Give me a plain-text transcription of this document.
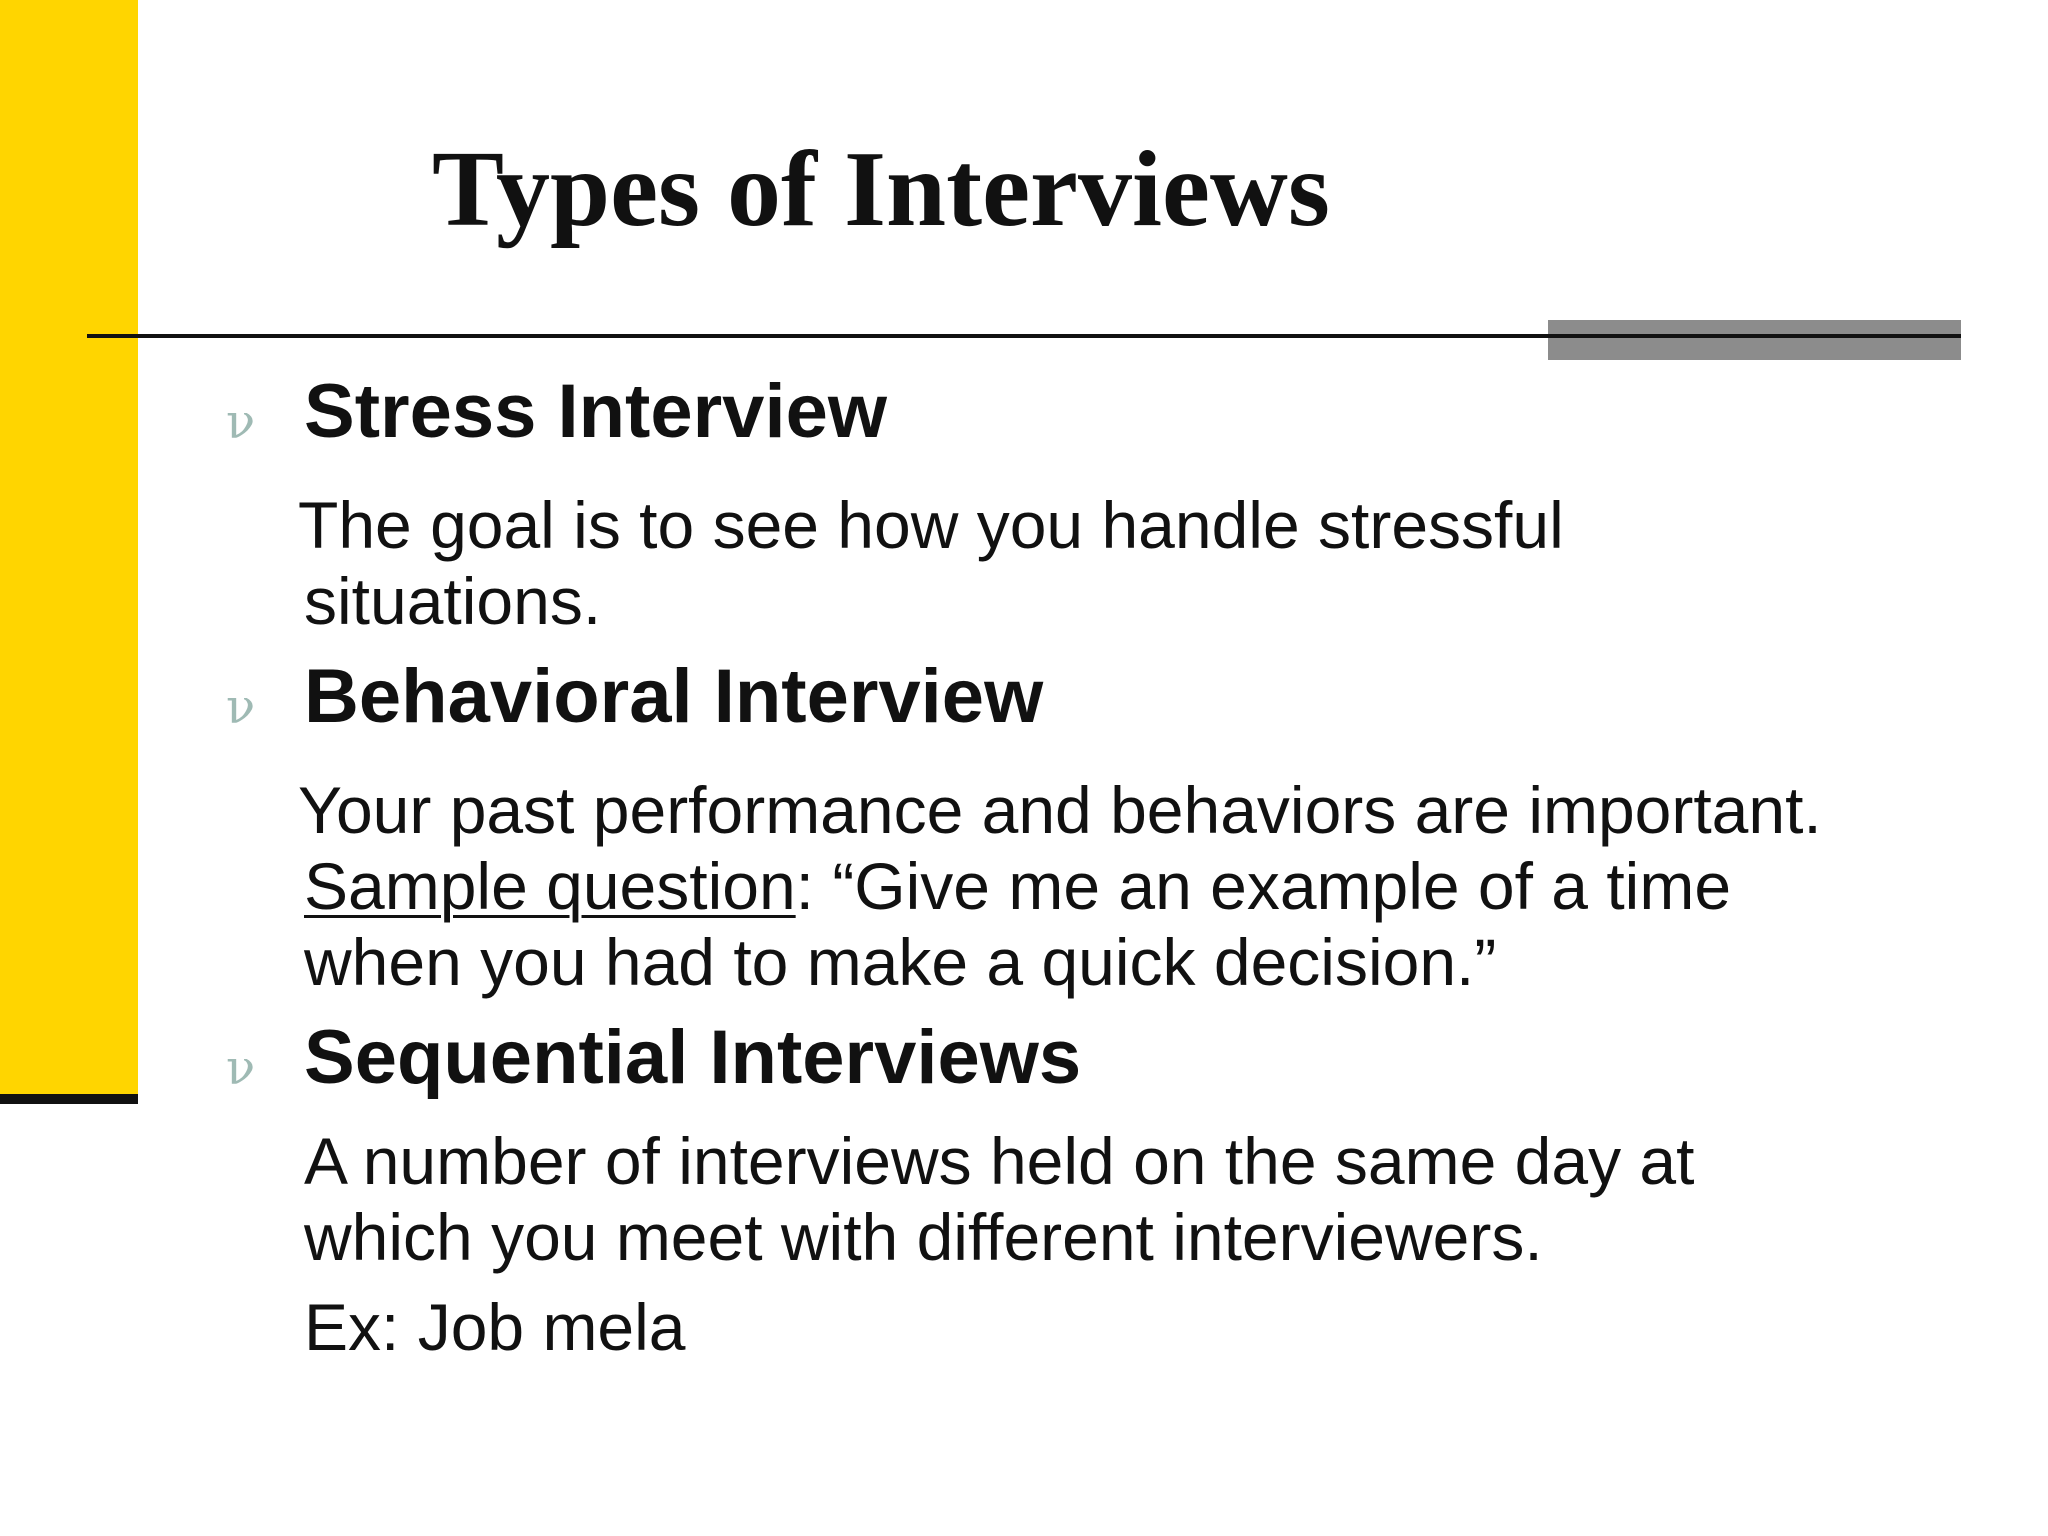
Types of Interviews
ν Stress Interview

The goal is to see how you handle stressful
situations.

ν Behavioral Interview

Your past performance and behaviors are important.
Sample question: “Give me an example of a time
when you had to make a quick decision.”

ν Sequential Interviews

A number of interviews held on the same day at
which you meet with different interviewers.

Ex: Job mela
